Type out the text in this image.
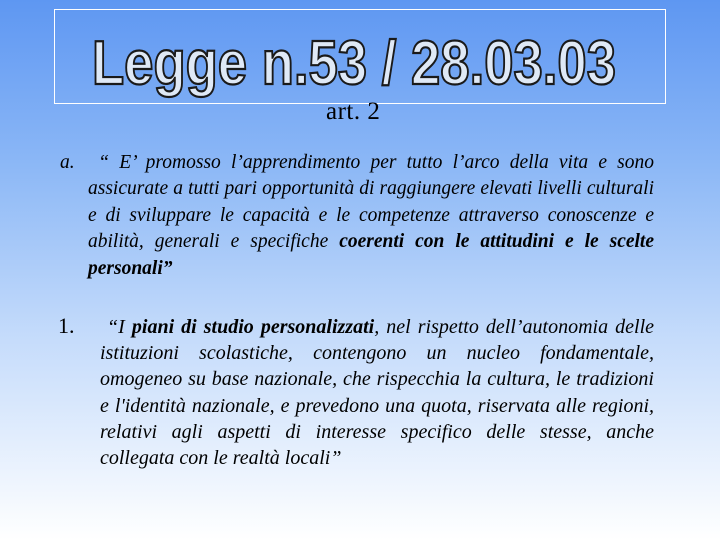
Legge n.53 / 28.03.03
art. 2

a. “ E’ promosso l’apprendimento per tutto l’arco della vita e sono assicurate a tutti pari opportunità di raggiungere elevati livelli culturali e di sviluppare le capacità e le competenze attraverso conoscenze e abilità, generali e specifiche coerenti con le attitudini e le scelte personali”

1. “I piani di studio personalizzati, nel rispetto dell’autonomia delle istituzioni scolastiche, contengono un nucleo fondamentale, omogeneo su base nazionale, che rispecchia la cultura, le tradizioni e l'identità nazionale, e prevedono una quota, riservata alle regioni, relativi agli aspetti di interesse specifico delle stesse, anche collegata con le realtà locali”
